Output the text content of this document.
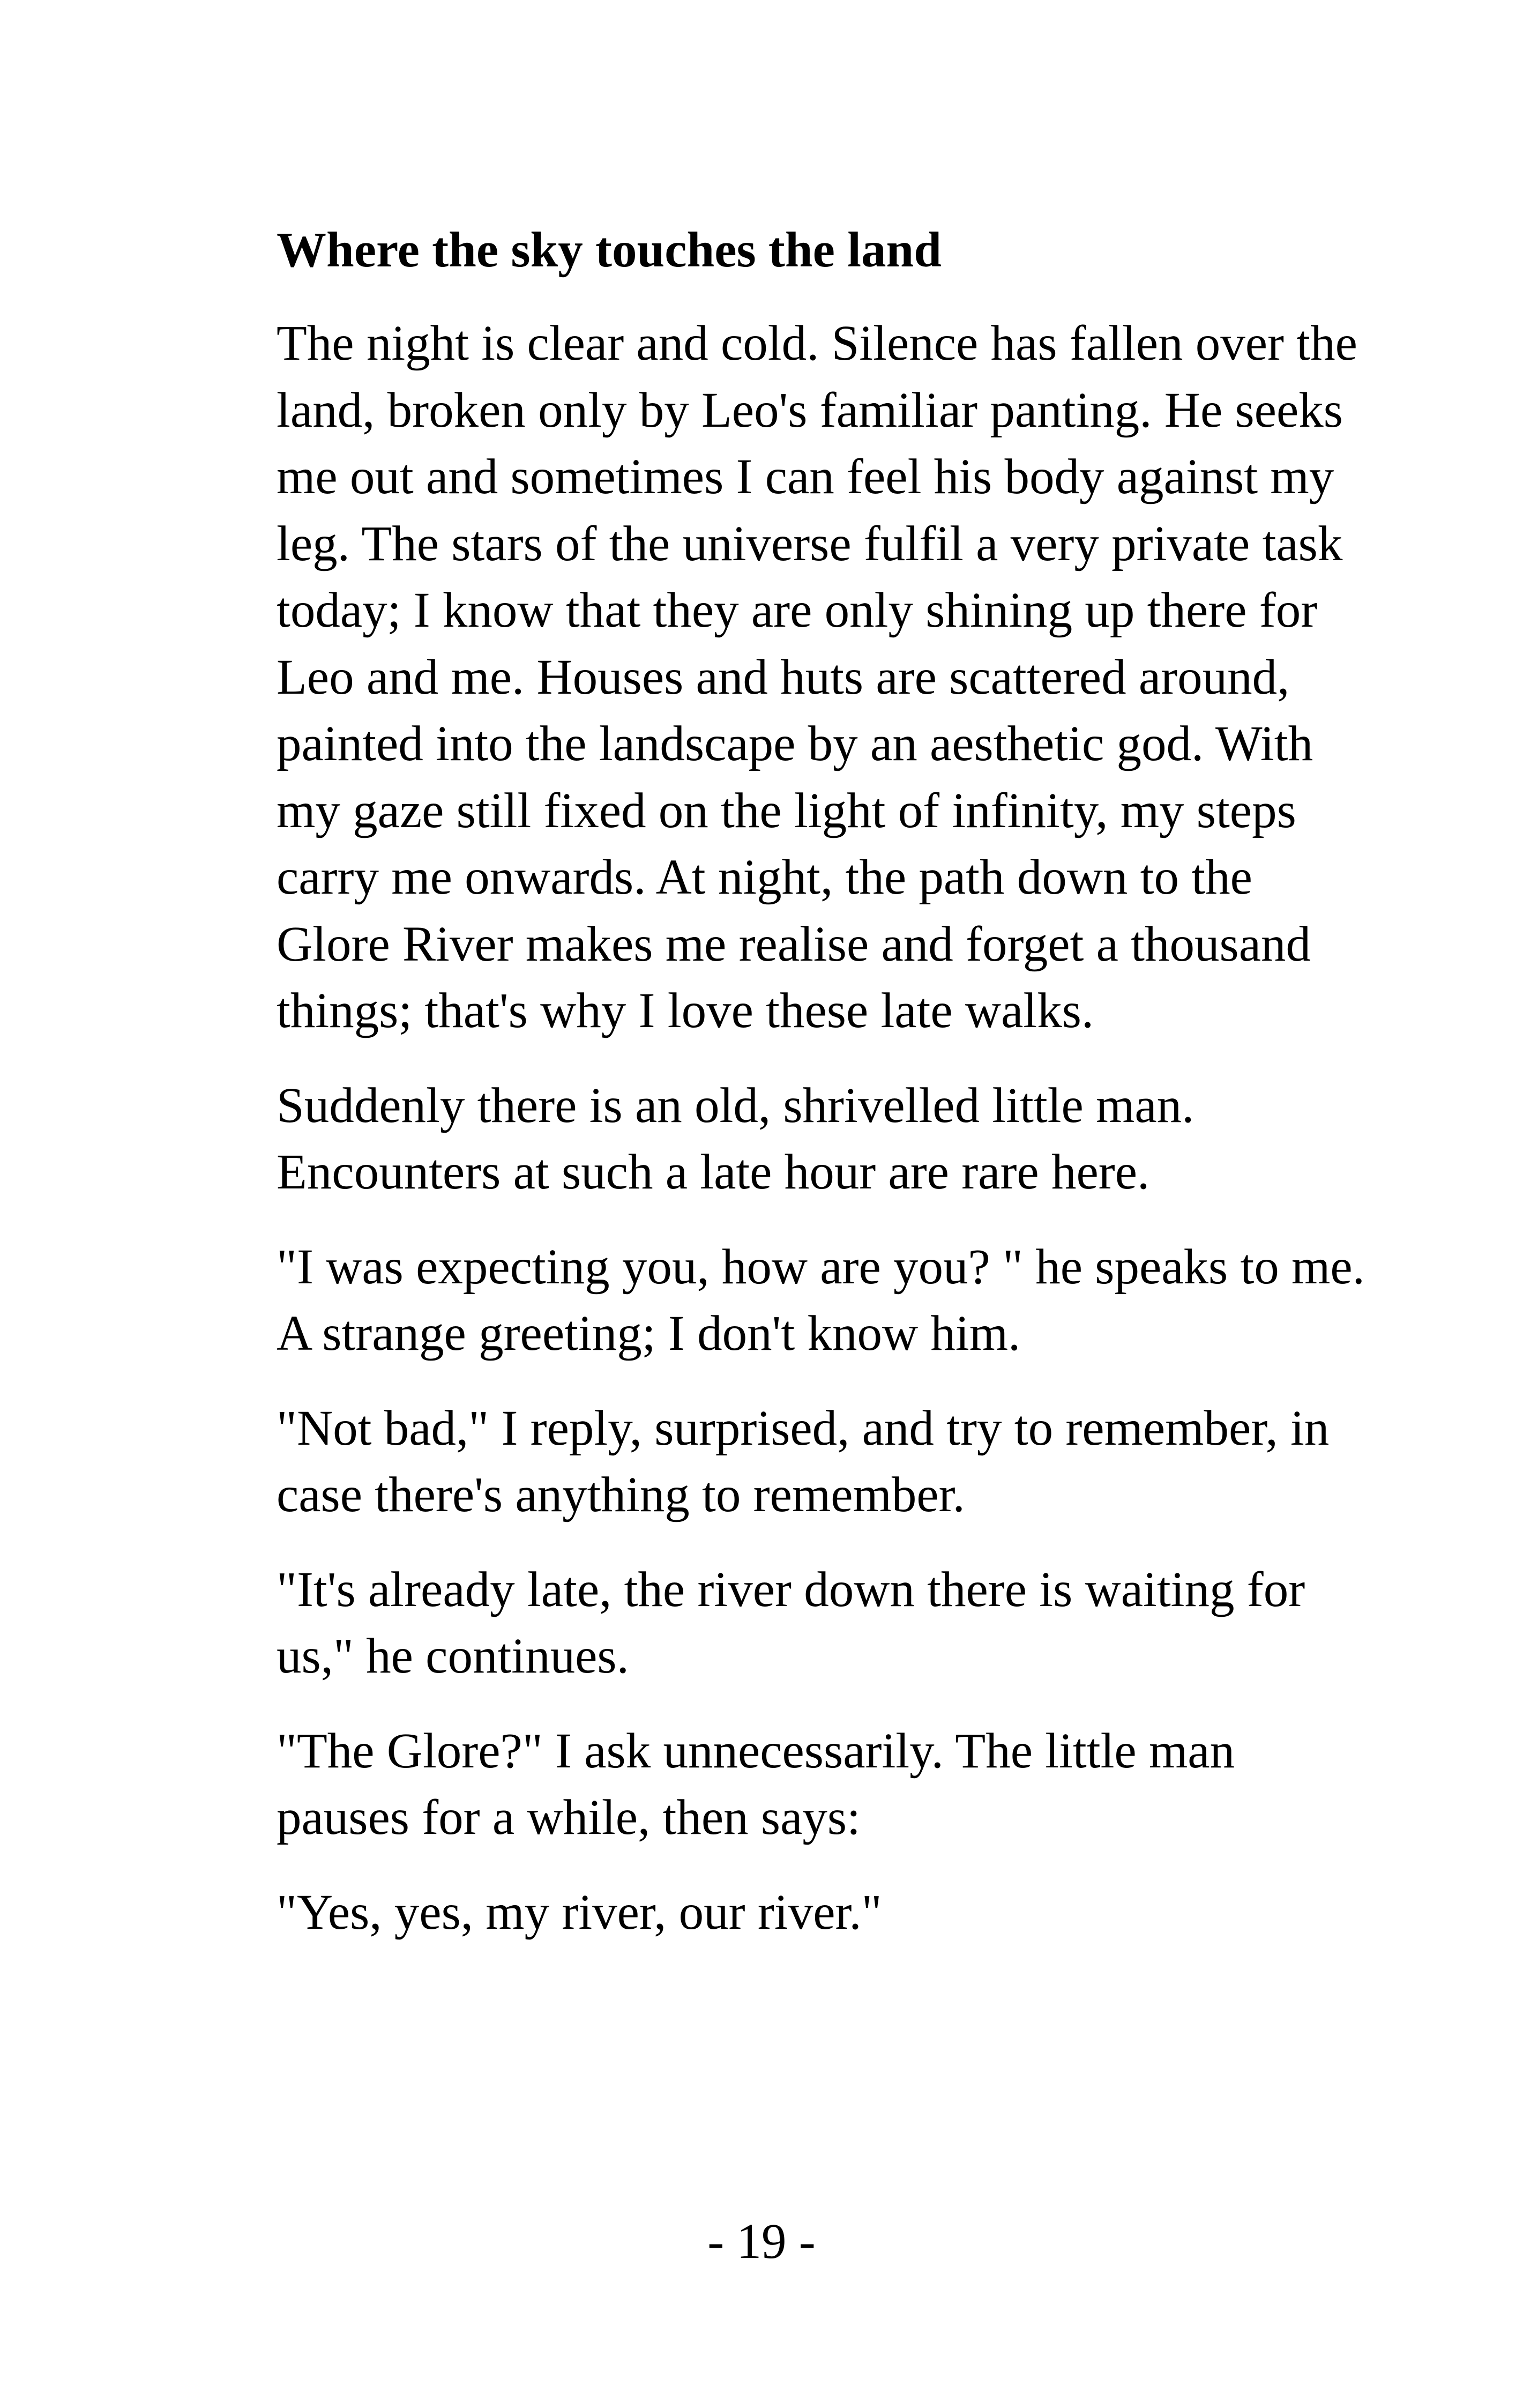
Where the sky touches the land

The night is clear and cold. Silence has fallen over the land, broken only by Leo's familiar panting. He seeks me out and sometimes I can feel his body against my leg. The stars of the universe fulfil a very private task today; I know that they are only shining up there for Leo and me. Houses and huts are scattered around, painted into the landscape by an aesthetic god. With my gaze still fixed on the light of infinity, my steps carry me onwards. At night, the path down to the Glore River makes me realise and forget a thousand things; that's why I love these late walks.

Suddenly there is an old, shrivelled little man. Encounters at such a late hour are rare here.

"I was expecting you, how are you? " he speaks to me. A strange greeting; I don't know him.

"Not bad," I reply, surprised, and try to remember, in case there's anything to remember.

"It's already late, the river down there is waiting for us," he continues.

"The Glore?" I ask unnecessarily. The little man pauses for a while, then says:

"Yes, yes, my river, our river."

- 19 -
